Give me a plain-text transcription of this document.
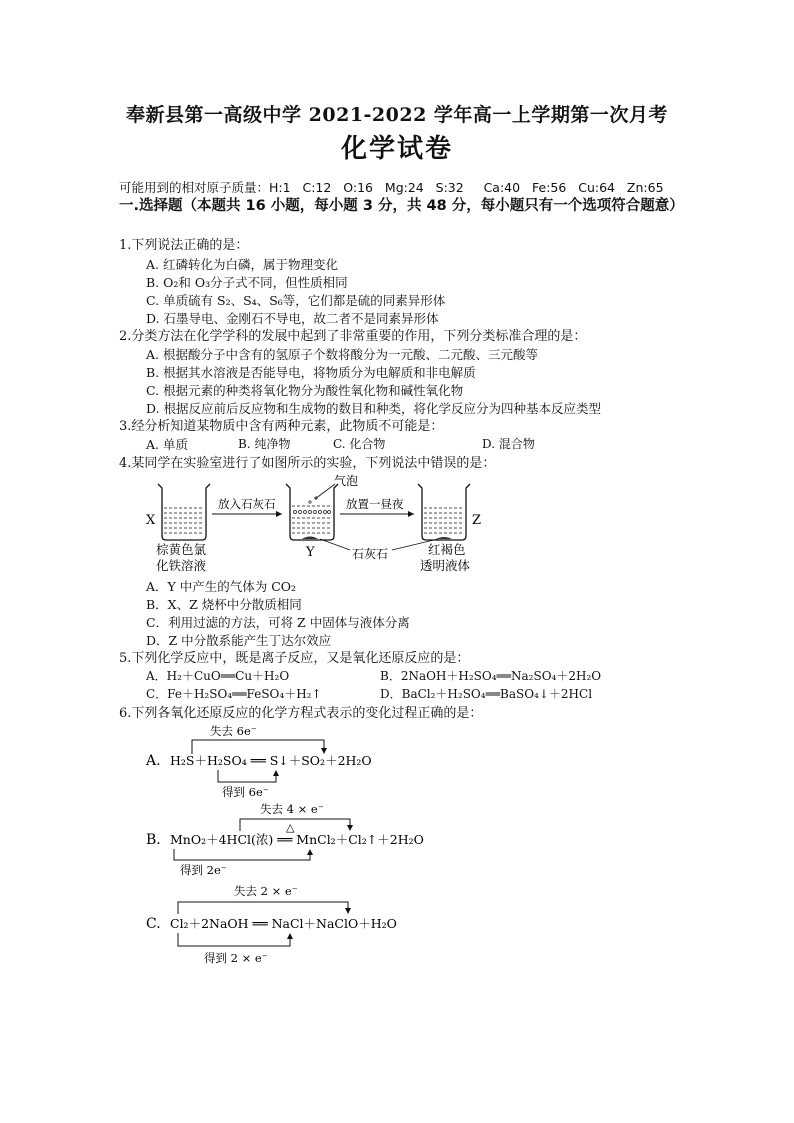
奉新县第一高级中学 2021-2022 学年高一上学期第一次月考
化学试卷
可能用到的相对原子质量：H:1   C:12   O:16   Mg:24   S:32     Ca:40   Fe:56   Cu:64   Zn:65
一.选择题（本题共 16 小题，每小题 3 分，共 48 分，每小题只有一个选项符合题意）
1.下列说法正确的是：
A. 红磷转化为白磷，属于物理变化
B. O₂和 O₃分子式不同，但性质相同
C. 单质硫有 S₂、S₄、S₆等，它们都是硫的同素异形体
D. 石墨导电、金刚石不导电，故二者不是同素异形体
2.分类方法在化学学科的发展中起到了非常重要的作用，下列分类标准合理的是：
A. 根据酸分子中含有的氢原子个数将酸分为一元酸、二元酸、三元酸等
B. 根据其水溶液是否能导电，将物质分为电解质和非电解质
C. 根据元素的种类将氧化物分为酸性氧化物和碱性氧化物
D. 根据反应前后反应物和生成物的数目和种类，将化学反应分为四种基本反应类型
3.经分析知道某物质中含有两种元素，此物质不可能是：
A. 单质	B. 纯净物	C. 化合物	D. 混合物
4.某同学在实验室进行了如图所示的实验，下列说法中错误的是：
X
放入石灰石
气泡
Y
放置一昼夜
Z
石灰石
棕黄色氯
化铁溶液
红褐色
透明液体
A．Y 中产生的气体为 CO₂
B．X、Z 烧杯中分散质相同
C．利用过滤的方法，可将 Z 中固体与液体分离
D．Z 中分散系能产生丁达尔效应
5.下列化学反应中，既是离子反应，又是氧化还原反应的是：
A．H₂＋CuO══Cu＋H₂O	B．2NaOH＋H₂SO₄══Na₂SO₄＋2H₂O
C．Fe＋H₂SO₄══FeSO₄＋H₂↑	D．BaCl₂＋H₂SO₄══BaSO₄↓＋2HCl
6.下列各氧化还原反应的化学方程式表示的变化过程正确的是：
A.
失去 6e⁻
H₂S＋H₂SO₄ ══ S↓＋SO₂＋2H₂O
得到 6e⁻
B.
失去 4 × e⁻
△
MnO₂＋4HCl(浓) ══ MnCl₂＋Cl₂↑＋2H₂O
得到 2e⁻
C.
失去 2 × e⁻
Cl₂＋2NaOH ══ NaCl＋NaClO＋H₂O
得到 2 × e⁻
